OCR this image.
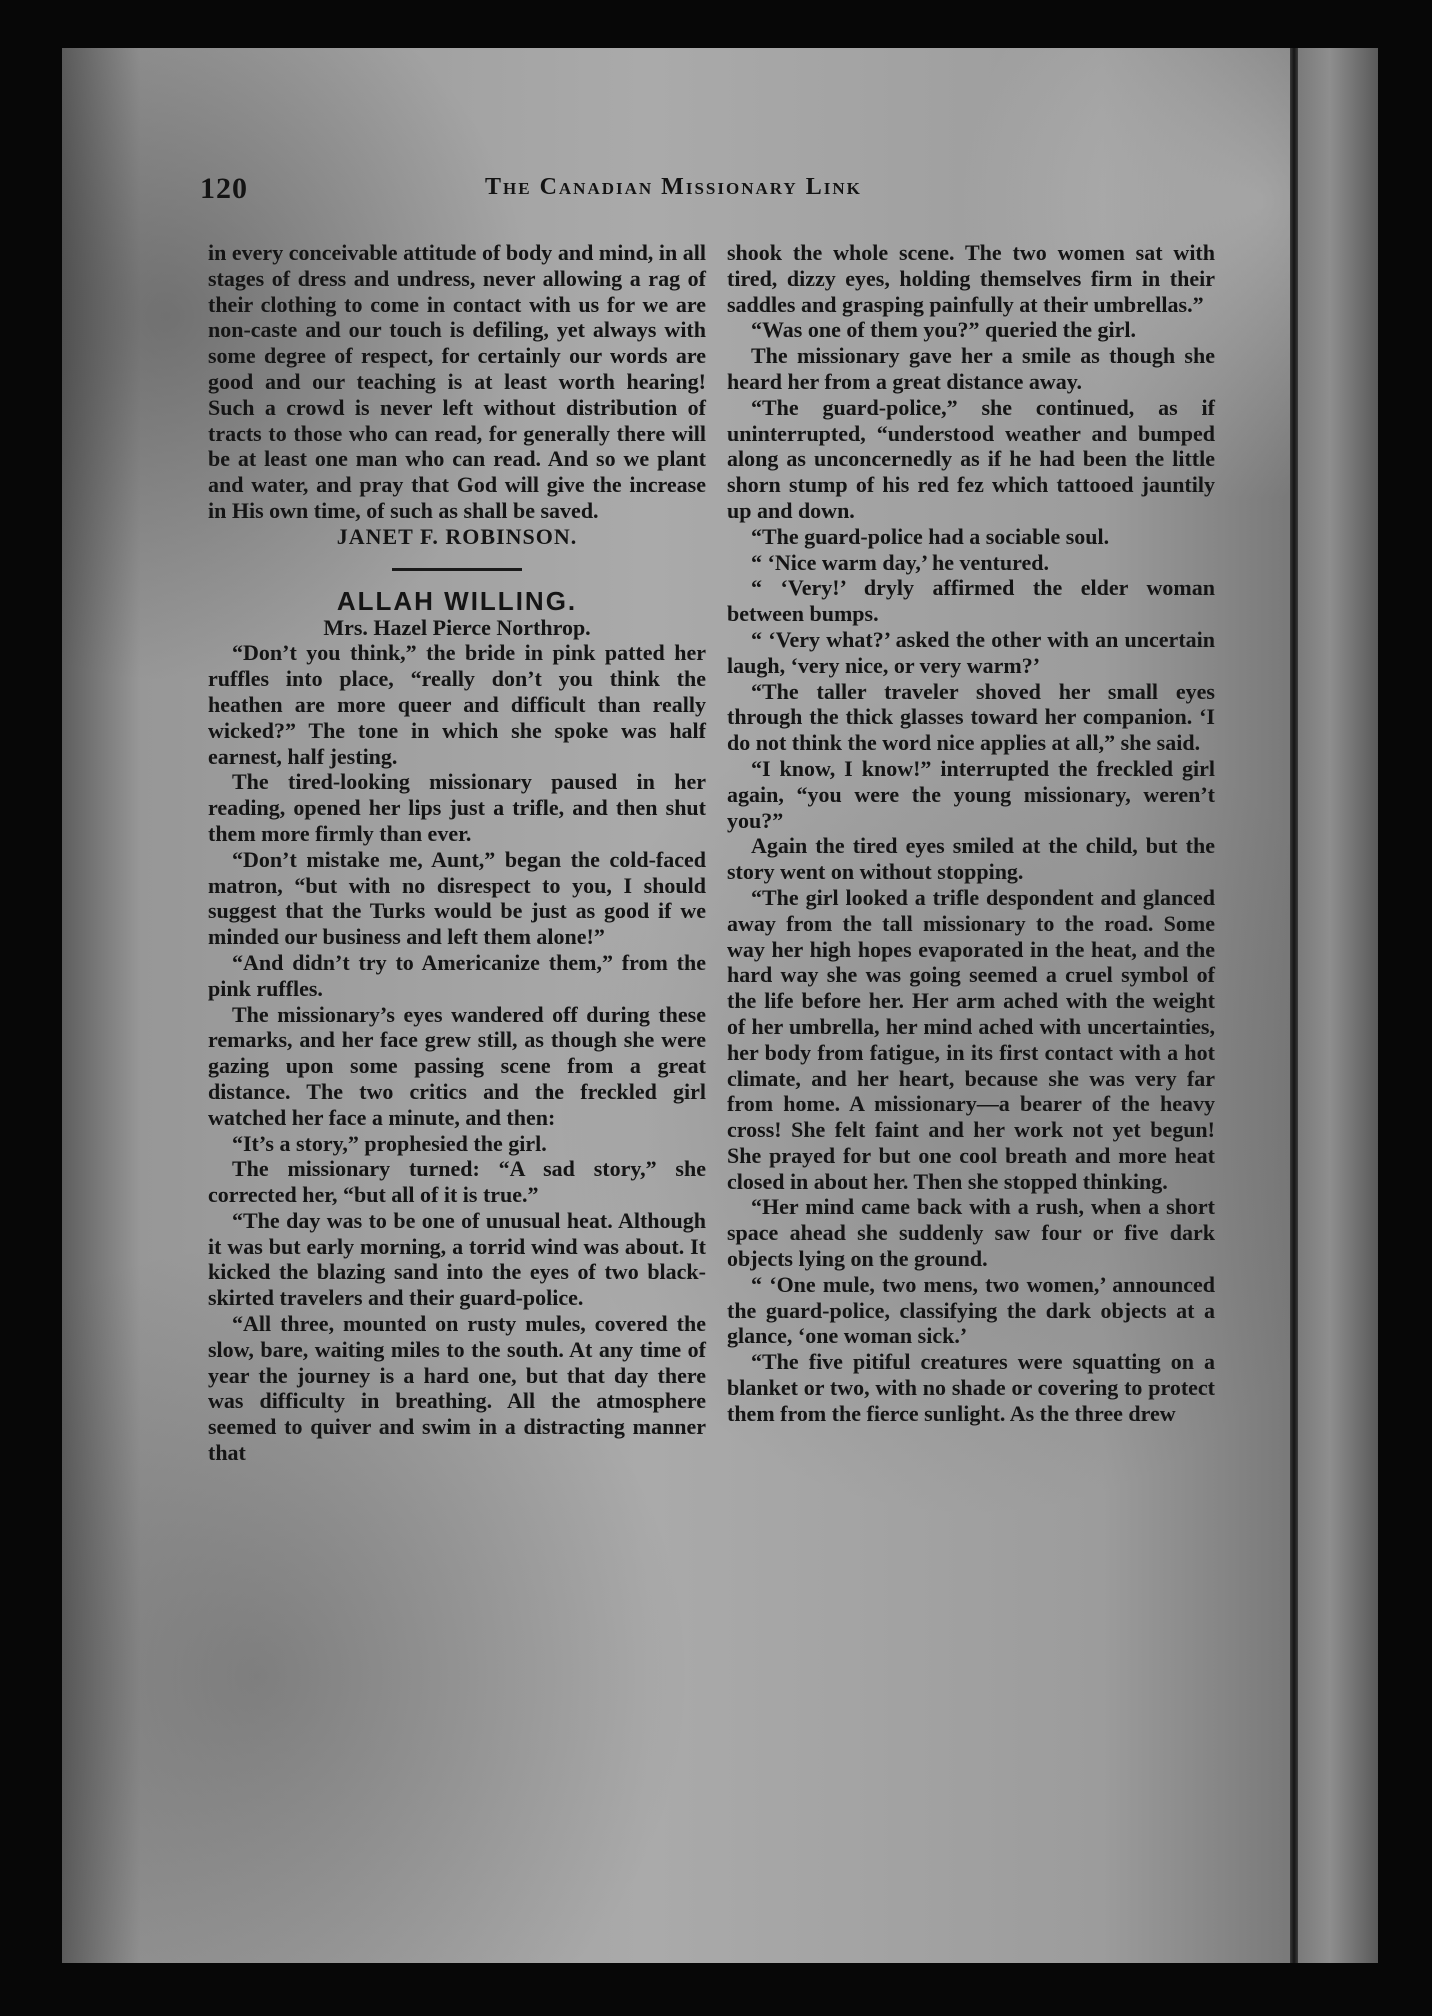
120	The Canadian Missionary Link

in every conceivable attitude of body and mind, in all stages of dress and undress, never allowing a rag of their clothing to come in contact with us for we are non-caste and our touch is defiling, yet always with some degree of respect, for certainly our words are good and our teaching is at least worth hearing! Such a crowd is never left without distribution of tracts to those who can read, for generally there will be at least one man who can read. And so we plant and water, and pray that God will give the increase in His own time, of such as shall be saved.

JANET F. ROBINSON.

ALLAH WILLING.

Mrs. Hazel Pierce Northrop.

“Don’t you think,” the bride in pink patted her ruffles into place, “really don’t you think the heathen are more queer and difficult than really wicked?” The tone in which she spoke was half earnest, half jesting.

The tired-looking missionary paused in her reading, opened her lips just a trifle, and then shut them more firmly than ever.

“Don’t mistake me, Aunt,” began the cold-faced matron, “but with no disrespect to you, I should suggest that the Turks would be just as good if we minded our business and left them alone!”

“And didn’t try to Americanize them,” from the pink ruffles.

The missionary’s eyes wandered off during these remarks, and her face grew still, as though she were gazing upon some passing scene from a great distance. The two critics and the freckled girl watched her face a minute, and then:

“It’s a story,” prophesied the girl.

The missionary turned: “A sad story,” she corrected her, “but all of it is true.”

“The day was to be one of unusual heat. Although it was but early morning, a torrid wind was about. It kicked the blazing sand into the eyes of two black-skirted travelers and their guard-police.

“All three, mounted on rusty mules, covered the slow, bare, waiting miles to the south. At any time of year the journey is a hard one, but that day there was difficulty in breathing. All the atmosphere seemed to quiver and swim in a distracting manner that

shook the whole scene. The two women sat with tired, dizzy eyes, holding themselves firm in their saddles and grasping painfully at their umbrellas.”

“Was one of them you?” queried the girl.

The missionary gave her a smile as though she heard her from a great distance away.

“The guard-police,” she continued, as if uninterrupted, “understood weather and bumped along as unconcernedly as if he had been the little shorn stump of his red fez which tattooed jauntily up and down.

“The guard-police had a sociable soul.

“ ‘Nice warm day,’ he ventured.

“ ‘Very!’ dryly affirmed the elder woman between bumps.

“ ‘Very what?’ asked the other with an uncertain laugh, ‘very nice, or very warm?’

“The taller traveler shoved her small eyes through the thick glasses toward her companion. ‘I do not think the word nice applies at all,” she said.

“I know, I know!” interrupted the freckled girl again, “you were the young missionary, weren’t you?”

Again the tired eyes smiled at the child, but the story went on without stopping.

“The girl looked a trifle despondent and glanced away from the tall missionary to the road. Some way her high hopes evaporated in the heat, and the hard way she was going seemed a cruel symbol of the life before her. Her arm ached with the weight of her umbrella, her mind ached with uncertainties, her body from fatigue, in its first contact with a hot climate, and her heart, because she was very far from home. A missionary—a bearer of the heavy cross! She felt faint and her work not yet begun! She prayed for but one cool breath and more heat closed in about her. Then she stopped thinking.

“Her mind came back with a rush, when a short space ahead she suddenly saw four or five dark objects lying on the ground.

“ ‘One mule, two mens, two women,’ announced the guard-police, classifying the dark objects at a glance, ‘one woman sick.’

“The five pitiful creatures were squatting on a blanket or two, with no shade or covering to protect them from the fierce sunlight. As the three drew
